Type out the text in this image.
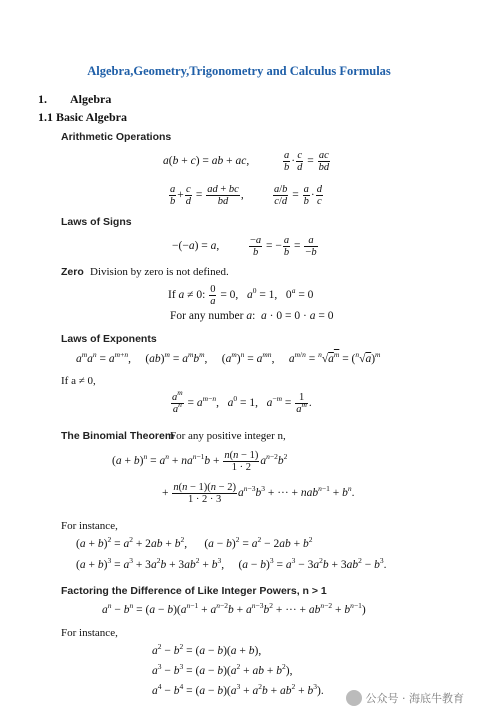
Algebra,Geometry,Trigonometry and Calculus Formulas
1. Algebra
1.1 Basic Algebra
Arithmetic Operations
a(b + c) = ab + ac,	$\frac{a}{b} \cdot \frac{c}{d} = \frac{ac}{bd}$
$\frac{a}{b} + \frac{c}{d} = \frac{ad + bc}{bd}$ ,	$\frac{a/b}{c/d} = \frac{a}{b} \cdot \frac{d}{c}$
Laws of Signs
−(−a) = a,	$\frac{-a}{b}$ = − $\frac{a}{b} = \frac{a}{-b}$
Zero Division by zero is not defined.
If a ≠ 0: $\frac{0}{a} = 0$,   $a^0 = 1$,   $0^a = 0$
For any number a:  a · 0 = 0 · a = 0
Laws of Exponents
$a^ma^n = a^{m+n}$,     $(ab)^m = a^mb^m$,     $(a^m)^n = a^{mn}$,     $a^{m/n} = ^n√a^m = (^n√a)^m$
If a ≠ 0,
$\frac{a^m}{a^n} = a^{m-n}$,   $a^0 = 1$,   $a^{-m} = \frac{1}{a^m}$ .
The Binomial Theorem
For any positive integer n,
$(a + b)^n = a^n + na^{n-1}b + \frac{n(n - 1)}{1 \cdot 2} a^{n-2}b^2$
+ $\frac{n(n - 1)(n - 2)}{1 \cdot 2 \cdot 3} a^{n-3}b^3$ + ··· + $nab^{n-1} + b^n$.
For instance,
$(a + b)^2 = a^2 + 2ab + b^2$,      $(a - b)^2 = a^2 - 2ab + b^2$
$(a + b)^3 = a^3 + 3a^2b + 3ab^2 + b^3$,     $(a - b)^3 = a^3 - 3a^2b + 3ab^2 - b^3$.
Factoring the Difference of Like Integer Powers, n > 1
$a^n - b^n = (a - b)(a^{n-1} + a^{n-2}b + a^{n-3}b^2$ + ··· + $ab^{n-2} + b^{n-1}$)
For instance,
$a^2 - b^2 = (a - b)(a + b)$,
$a^3 - b^3 = (a - b)(a^2$ + ab + $b^2$),
$a^4 - b^4 = (a - b)(a^3 + a^2b + ab^2 + b^3)$.
公众号 · 海底牛教育
